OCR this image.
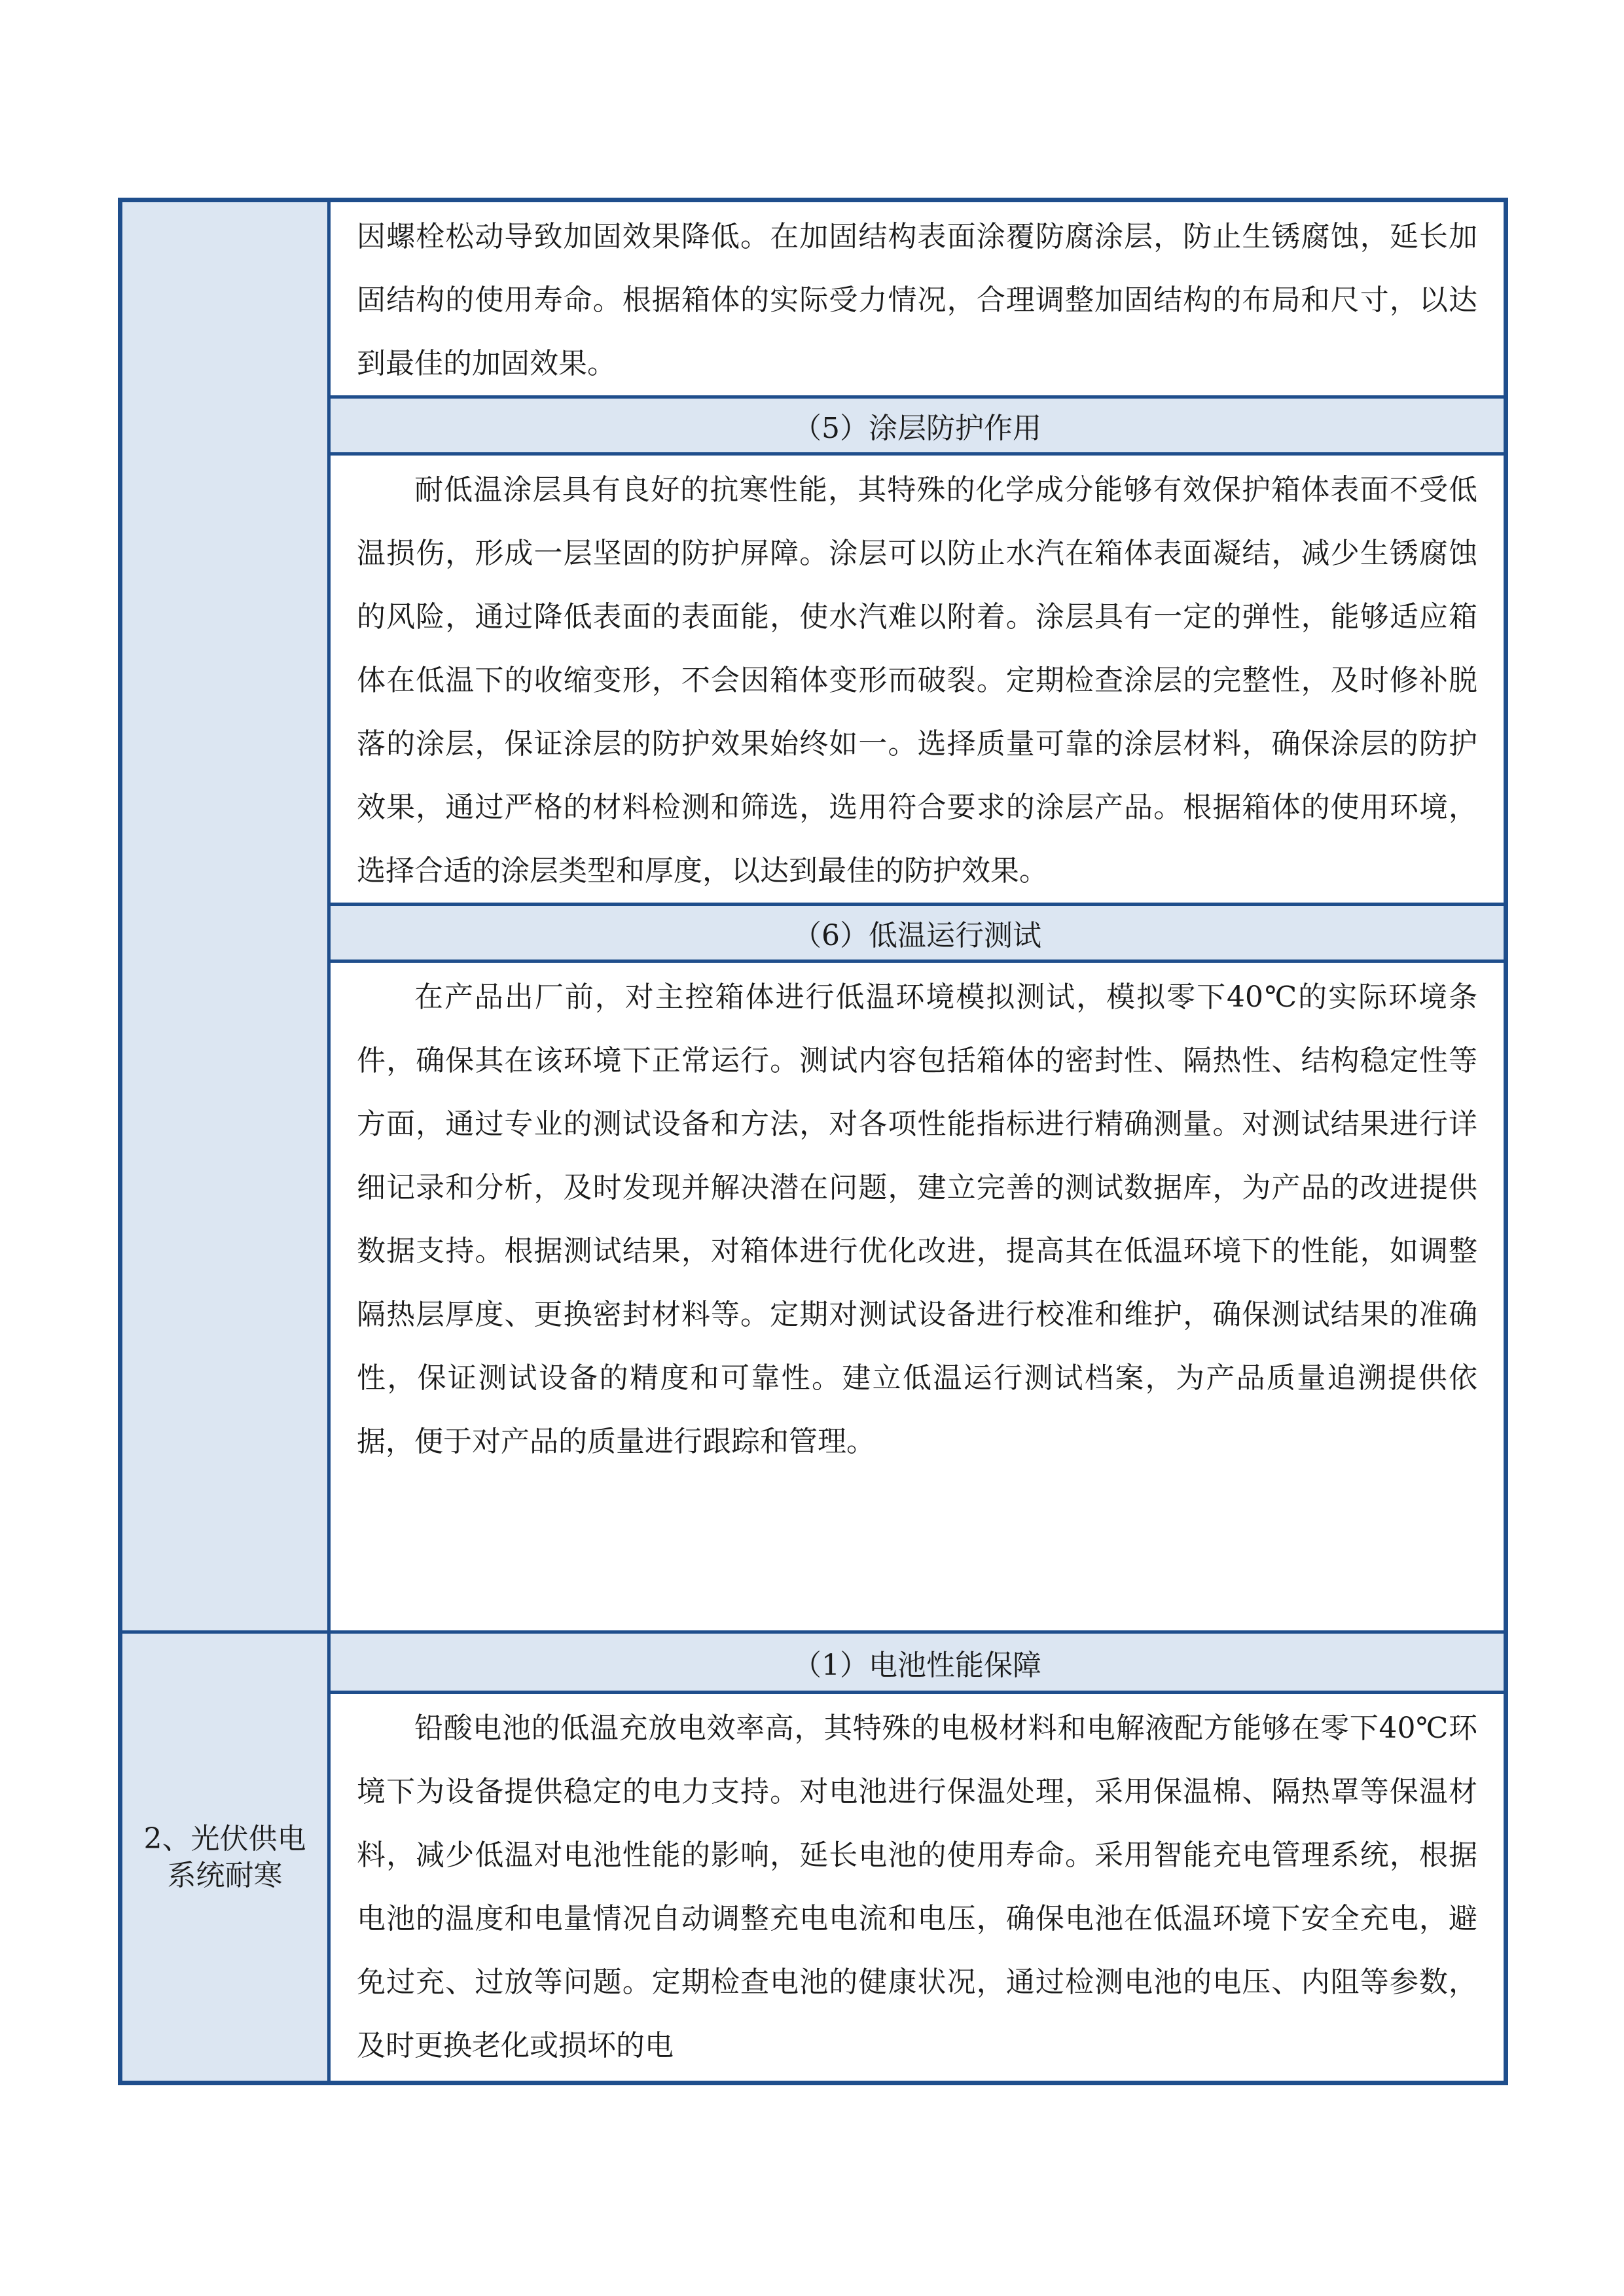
因螺栓松动导致加固效果降低。在加固结构表面涂覆防腐涂层，防止生锈腐蚀，延长加固结构的使用寿命。根据箱体的实际受力情况，合理调整加固结构的布局和尺寸，以达到最佳的加固效果。

（5）涂层防护作用

耐低温涂层具有良好的抗寒性能，其特殊的化学成分能够有效保护箱体表面不受低温损伤，形成一层坚固的防护屏障。涂层可以防止水汽在箱体表面凝结，减少生锈腐蚀的风险，通过降低表面的表面能，使水汽难以附着。涂层具有一定的弹性，能够适应箱体在低温下的收缩变形，不会因箱体变形而破裂。定期检查涂层的完整性，及时修补脱落的涂层，保证涂层的防护效果始终如一。选择质量可靠的涂层材料，确保涂层的防护效果，通过严格的材料检测和筛选，选用符合要求的涂层产品。根据箱体的使用环境，选择合适的涂层类型和厚度，以达到最佳的防护效果。

（6）低温运行测试

在产品出厂前，对主控箱体进行低温环境模拟测试，模拟零下40℃的实际环境条件，确保其在该环境下正常运行。测试内容包括箱体的密封性、隔热性、结构稳定性等方面，通过专业的测试设备和方法，对各项性能指标进行精确测量。对测试结果进行详细记录和分析，及时发现并解决潜在问题，建立完善的测试数据库，为产品的改进提供数据支持。根据测试结果，对箱体进行优化改进，提高其在低温环境下的性能，如调整隔热层厚度、更换密封材料等。定期对测试设备进行校准和维护，确保测试结果的准确性，保证测试设备的精度和可靠性。建立低温运行测试档案，为产品质量追溯提供依据，便于对产品的质量进行跟踪和管理。

2、光伏供电系统耐寒
（1）电池性能保障

铅酸电池的低温充放电效率高，其特殊的电极材料和电解液配方能够在零下40℃环境下为设备提供稳定的电力支持。对电池进行保温处理，采用保温棉、隔热罩等保温材料，减少低温对电池性能的影响，延长电池的使用寿命。采用智能充电管理系统，根据电池的温度和电量情况自动调整充电电流和电压，确保电池在低温环境下安全充电，避免过充、过放等问题。定期检查电池的健康状况，通过检测电池的电压、内阻等参数，及时更换老化或损坏的电
